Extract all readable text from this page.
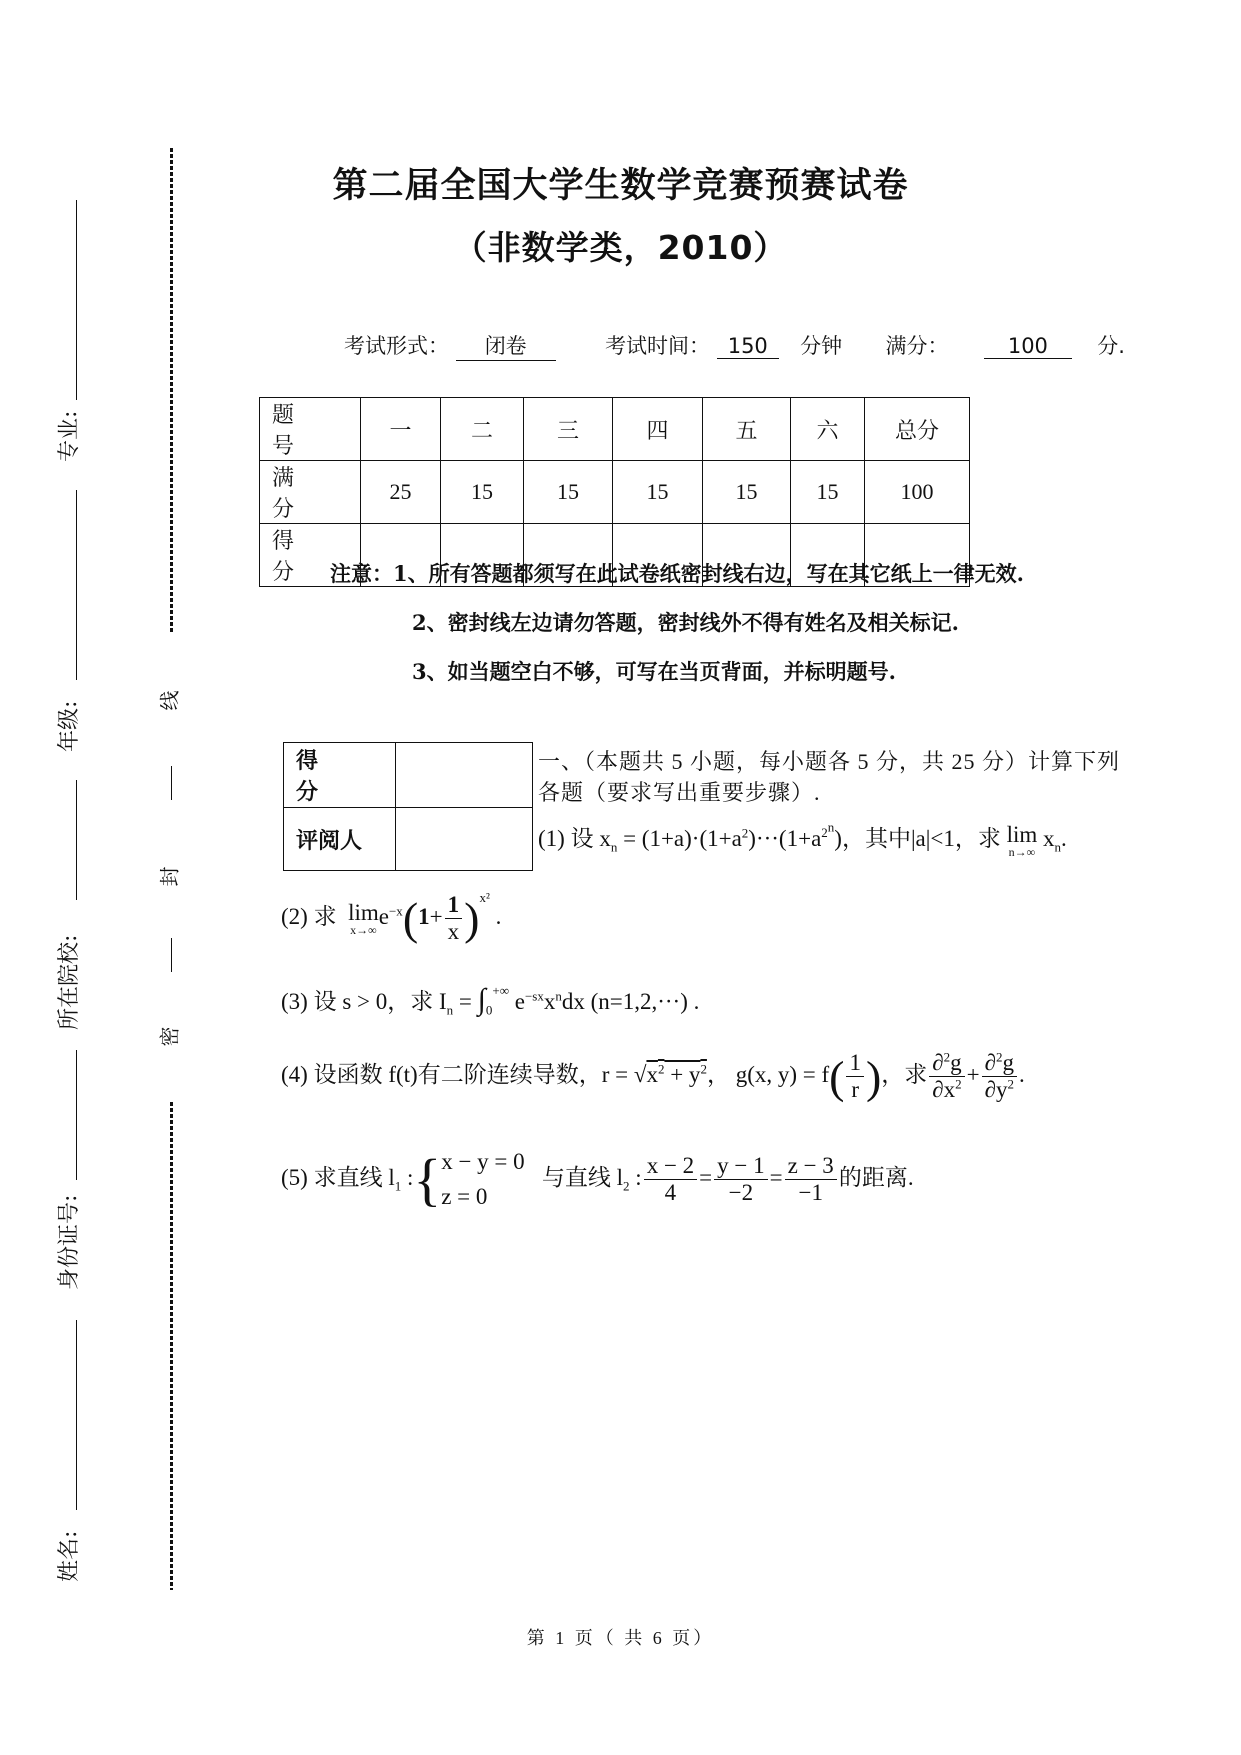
专业:
年级:
所在院校:
身份证号:
姓名:
线
封
密
第二届全国大学生数学竞赛预赛试卷
（非数学类，2010）
考试形式： 闭卷	考试时间： 150 分钟 满分：	100 分.
题 号	一	二	三	四	五	六	总分
满 分	25	15	15	15	15	15	100
得 分							注意：1、所有答题都须写在此试卷纸密封线右边，写在其它纸上一律无效.
2、密封线左边请勿答题，密封线外不得有姓名及相关标记.
3、如当题空白不够，可写在当页背面，并标明题号.
得 分	
评阅人	
一、（本题共 5 小题，每小题各 5 分，共 25 分）计算下列
各题（要求写出重要步骤）.
(1) 设 $x_n = (1+a)\cdot(1+a^2)\cdot\cdot\cdot(1+a^{2^n})$，其中|a|<1，求 lim
n→∞
$x_n$.
(2) 求  lim
x→∞
$e^{-x}(1+ \frac{1}{x} )^{x^2}$ .
(3) 设 s > 0，求 $I_n = \int_0^{+\infty}$ $e^{-sx}x^ndx$ (n=1,2,···) .
(4) 设函数 f(t)有二阶连续导数，$r = √x^2 + y^2$， g(x, $y) = f( \frac{1}{r}$ )，求 $\frac{\partial^2g}{\partial x^2} + \frac{\partial^2g}{\partial y^2}$ .
(5) 求直线 $l_1$ :{x − y = 0
z = 0   与直线 $l_2$ : $\frac{x - 2}{4} = \frac{y - 1}{-2} = \frac{z - 3}{-1}$ 的距离.
第 1 页（ 共 6 页）
